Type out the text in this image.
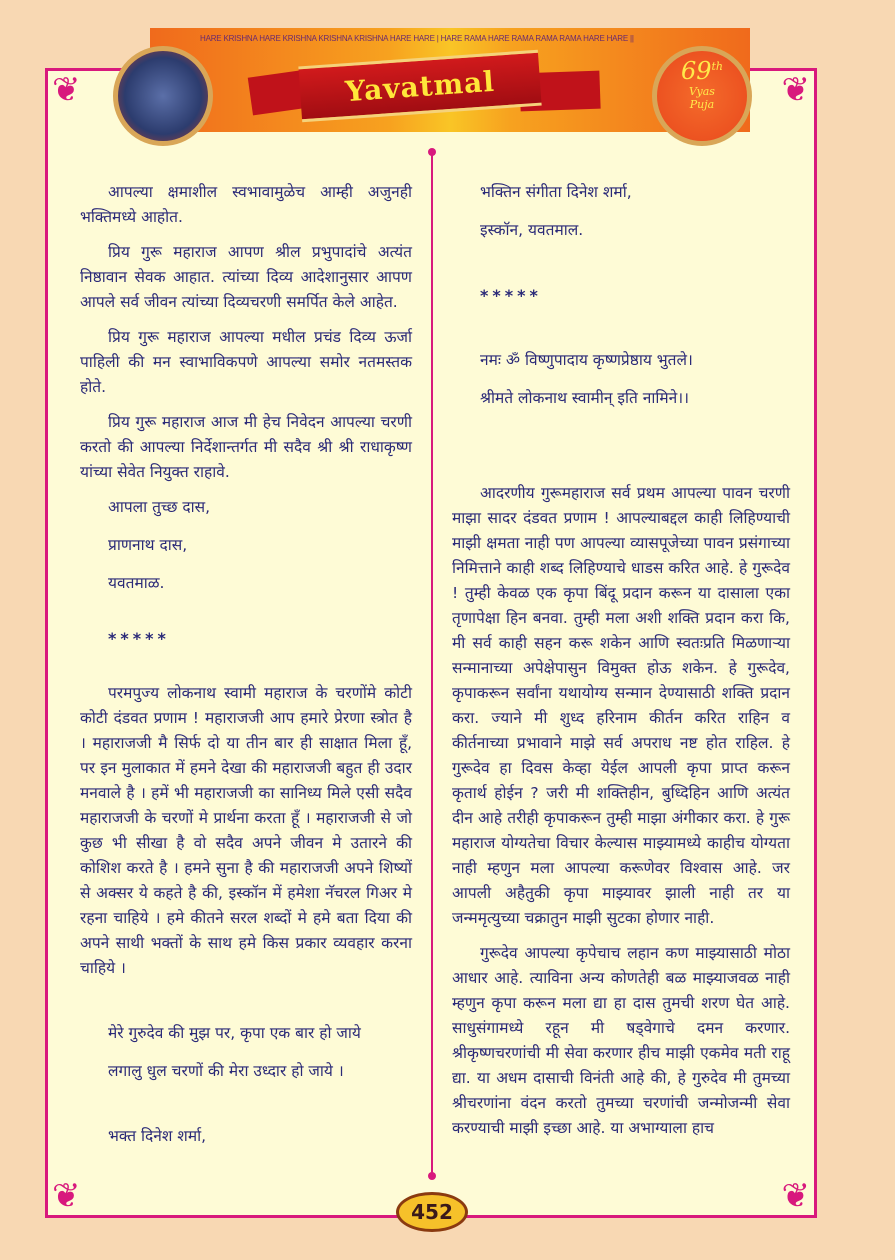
❦	❦
❦	❦
HARE KRISHNA HARE KRISHNA KRISHNA KRISHNA HARE HARE | HARE RAMA HARE RAMA RAMA RAMA HARE HARE ||
Yavatmal	69th
Vyas
Puja

आपल्या क्षमाशील स्वभावामुळेच आम्ही अजुनही भक्तिमध्ये आहोत.

प्रिय गुरू महाराज आपण श्रील प्रभुपादांचे अत्यंत निष्ठावान सेवक आहात. त्यांच्या दिव्य आदेशानुसार आपण आपले सर्व जीवन त्यांच्या दिव्यचरणी समर्पित केले आहेत.

प्रिय गुरू महाराज आपल्या मधील प्रचंड दिव्य ऊर्जा पाहिली की मन स्वाभाविकपणे आपल्या समोर नतमस्तक होते.

प्रिय गुरू महाराज आज मी हेच निवेदन आपल्या चरणी करतो की आपल्या निर्देशान्तर्गत मी सदैव श्री श्री राधाकृष्ण यांच्या सेवेत नियुक्त राहावे.

आपला तुच्छ दास,
प्राणनाथ दास,
यवतमाळ.
*****

परमपुज्य लोकनाथ स्वामी महाराज के चरणोंमे कोटी कोटी दंडवत प्रणाम ! महाराजजी आप हमारे प्रेरणा स्त्रोत है । महाराजजी मै सिर्फ दो या तीन बार ही साक्षात मिला हूँ, पर इन मुलाकात में हमने देखा की महाराजजी बहुत ही उदार मनवाले है । हमें भी महाराजजी का सानिध्य मिले एसी सदैव महाराजजी के चरणों मे प्रार्थना करता हूँ । महाराजजी से जो कुछ भी सीखा है वो सदैव अपने जीवन मे उतारने की कोशिश करते है । हमने सुना है की महाराजजी अपने शिष्यों से अक्सर ये कहते है की, इस्कॉन में हमेशा नॅचरल गिअर मे रहना चाहिये । हमे कीतने सरल शब्दों मे हमे बता दिया की अपने साथी भक्तों के साथ हमे किस प्रकार व्यवहार करना चाहिये ।

मेरे गुरुदेव की मुझ पर, कृपा एक बार हो जाये
लगालु धुल चरणों की मेरा उध्दार हो जाये ।
भक्त दिनेश शर्मा,
भक्तिन संगीता दिनेश शर्मा,
इस्कॉन, यवतमाल.
*****
नमः ॐ विष्णुपादाय कृष्णप्रेष्ठाय भुतले।
श्रीमते लोकनाथ स्वामीन् इति नामिने।।

आदरणीय गुरूमहाराज सर्व प्रथम आपल्या पावन चरणी माझा सादर दंडवत प्रणाम ! आपल्याबद्दल काही लिहिण्याची माझी क्षमता नाही पण आपल्या व्यासपूजेच्या पावन प्रसंगाच्या निमित्ताने काही शब्द लिहिण्याचे धाडस करित आहे. हे गुरूदेव ! तुम्ही केवळ एक कृपा बिंदू प्रदान करून या दासाला एका तृणापेक्षा हिन बनवा. तुम्ही मला अशी शक्ति प्रदान करा कि, मी सर्व काही सहन करू शकेन आणि स्वतःप्रति मिळणाऱ्या सन्मानाच्या अपेक्षेपासुन विमुक्त होऊ शकेन. हे गुरूदेव, कृपाकरून सर्वांना यथायोग्य सन्मान देण्यासाठी शक्ति प्रदान करा. ज्याने मी शुध्द हरिनाम कीर्तन करित राहिन व कीर्तनाच्या प्रभावाने माझे सर्व अपराध नष्ट होत राहिल. हे गुरूदेव हा दिवस केव्हा येईल आपली कृपा प्राप्त करून कृतार्थ होईन ? जरी मी शक्तिहीन, बुध्दिहिन आणि अत्यंत दीन आहे तरीही कृपाकरून तुम्ही माझा अंगीकार करा. हे गुरू महाराज योग्यतेचा विचार केल्यास माझ्यामध्ये काहीच योग्यता नाही म्हणुन मला आपल्या करूणेवर विश्वास आहे. जर आपली अहैतुकी कृपा माझ्यावर झाली नाही तर या जन्ममृत्युच्या चक्रातुन माझी सुटका होणार नाही.

गुरूदेव आपल्या कृपेचाच लहान कण माझ्यासाठी मोठा आधार आहे. त्याविना अन्य कोणतेही बळ माझ्याजवळ नाही म्हणुन कृपा करून मला द्या हा दास तुमची शरण घेत आहे. साधुसंगामध्ये रहून मी षड्वेगाचे दमन करणार. श्रीकृष्णचरणांची मी सेवा करणार हीच माझी एकमेव मती राहू द्या. या अधम दासाची विनंती आहे की, हे गुरुदेव मी तुमच्या श्रीचरणांना वंदन करतो तुमच्या चरणांची जन्मोजन्मी सेवा करण्याची माझी इच्छा आहे. या अभाग्याला हाच

452
